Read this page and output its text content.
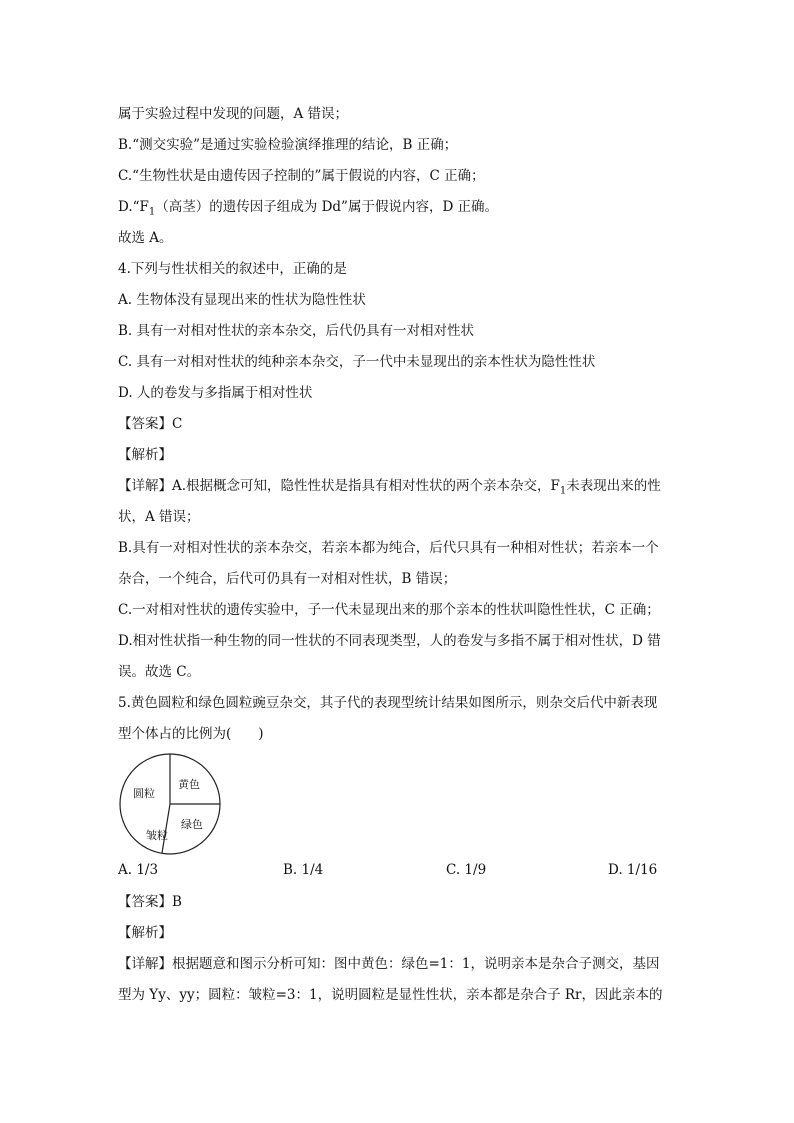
属于实验过程中发现的问题，A 错误；
B.“测交实验”是通过实验检验演绎推理的结论，B 正确；
C.“生物性状是由遗传因子控制的”属于假说的内容，C 正确；
$D.“F_1$（高茎）的遗传因子组成为 Dd”属于假说内容，D 正确。
故选 A。
4.下列与性状相关的叙述中，正确的是
A. 生物体没有显现出来的性状为隐性性状
B. 具有一对相对性状的亲本杂交，后代仍具有一对相对性状
C. 具有一对相对性状的纯种亲本杂交，子一代中未显现出的亲本性状为隐性性状
D. 人的卷发与多指属于相对性状
【答案】C
【解析】
【详解】A.根据概念可知，隐性性状是指具有相对性状的两个亲本杂交，$F_1$未表现出来的性
状，A 错误；
B.具有一对相对性状的亲本杂交，若亲本都为纯合，后代只具有一种相对性状；若亲本一个
杂合，一个纯合，后代可仍具有一对相对性状，B 错误；
C.一对相对性状的遗传实验中，子一代未显现出来的那个亲本的性状叫隐性性状，C 正确；
D.相对性状指一种生物的同一性状的不同表现类型，人的卷发与多指不属于相对性状，D 错
误。故选 C。
5.黄色圆粒和绿色圆粒豌豆杂交，其子代的表现型统计结果如图所示，则杂交后代中新表现
型个体占的比例为(　　)
圆粒
黄色
绿色
皱粒
A. 1/3	B. 1/4	C. 1/9	D. 1/16
【答案】B
【解析】
【详解】根据题意和图示分析可知：图中黄色：绿色=1：1，说明亲本是杂合子测交，基因
型为 Yy、yy；圆粒：皱粒=3：1，说明圆粒是显性性状，亲本都是杂合子 Rr，因此亲本的
